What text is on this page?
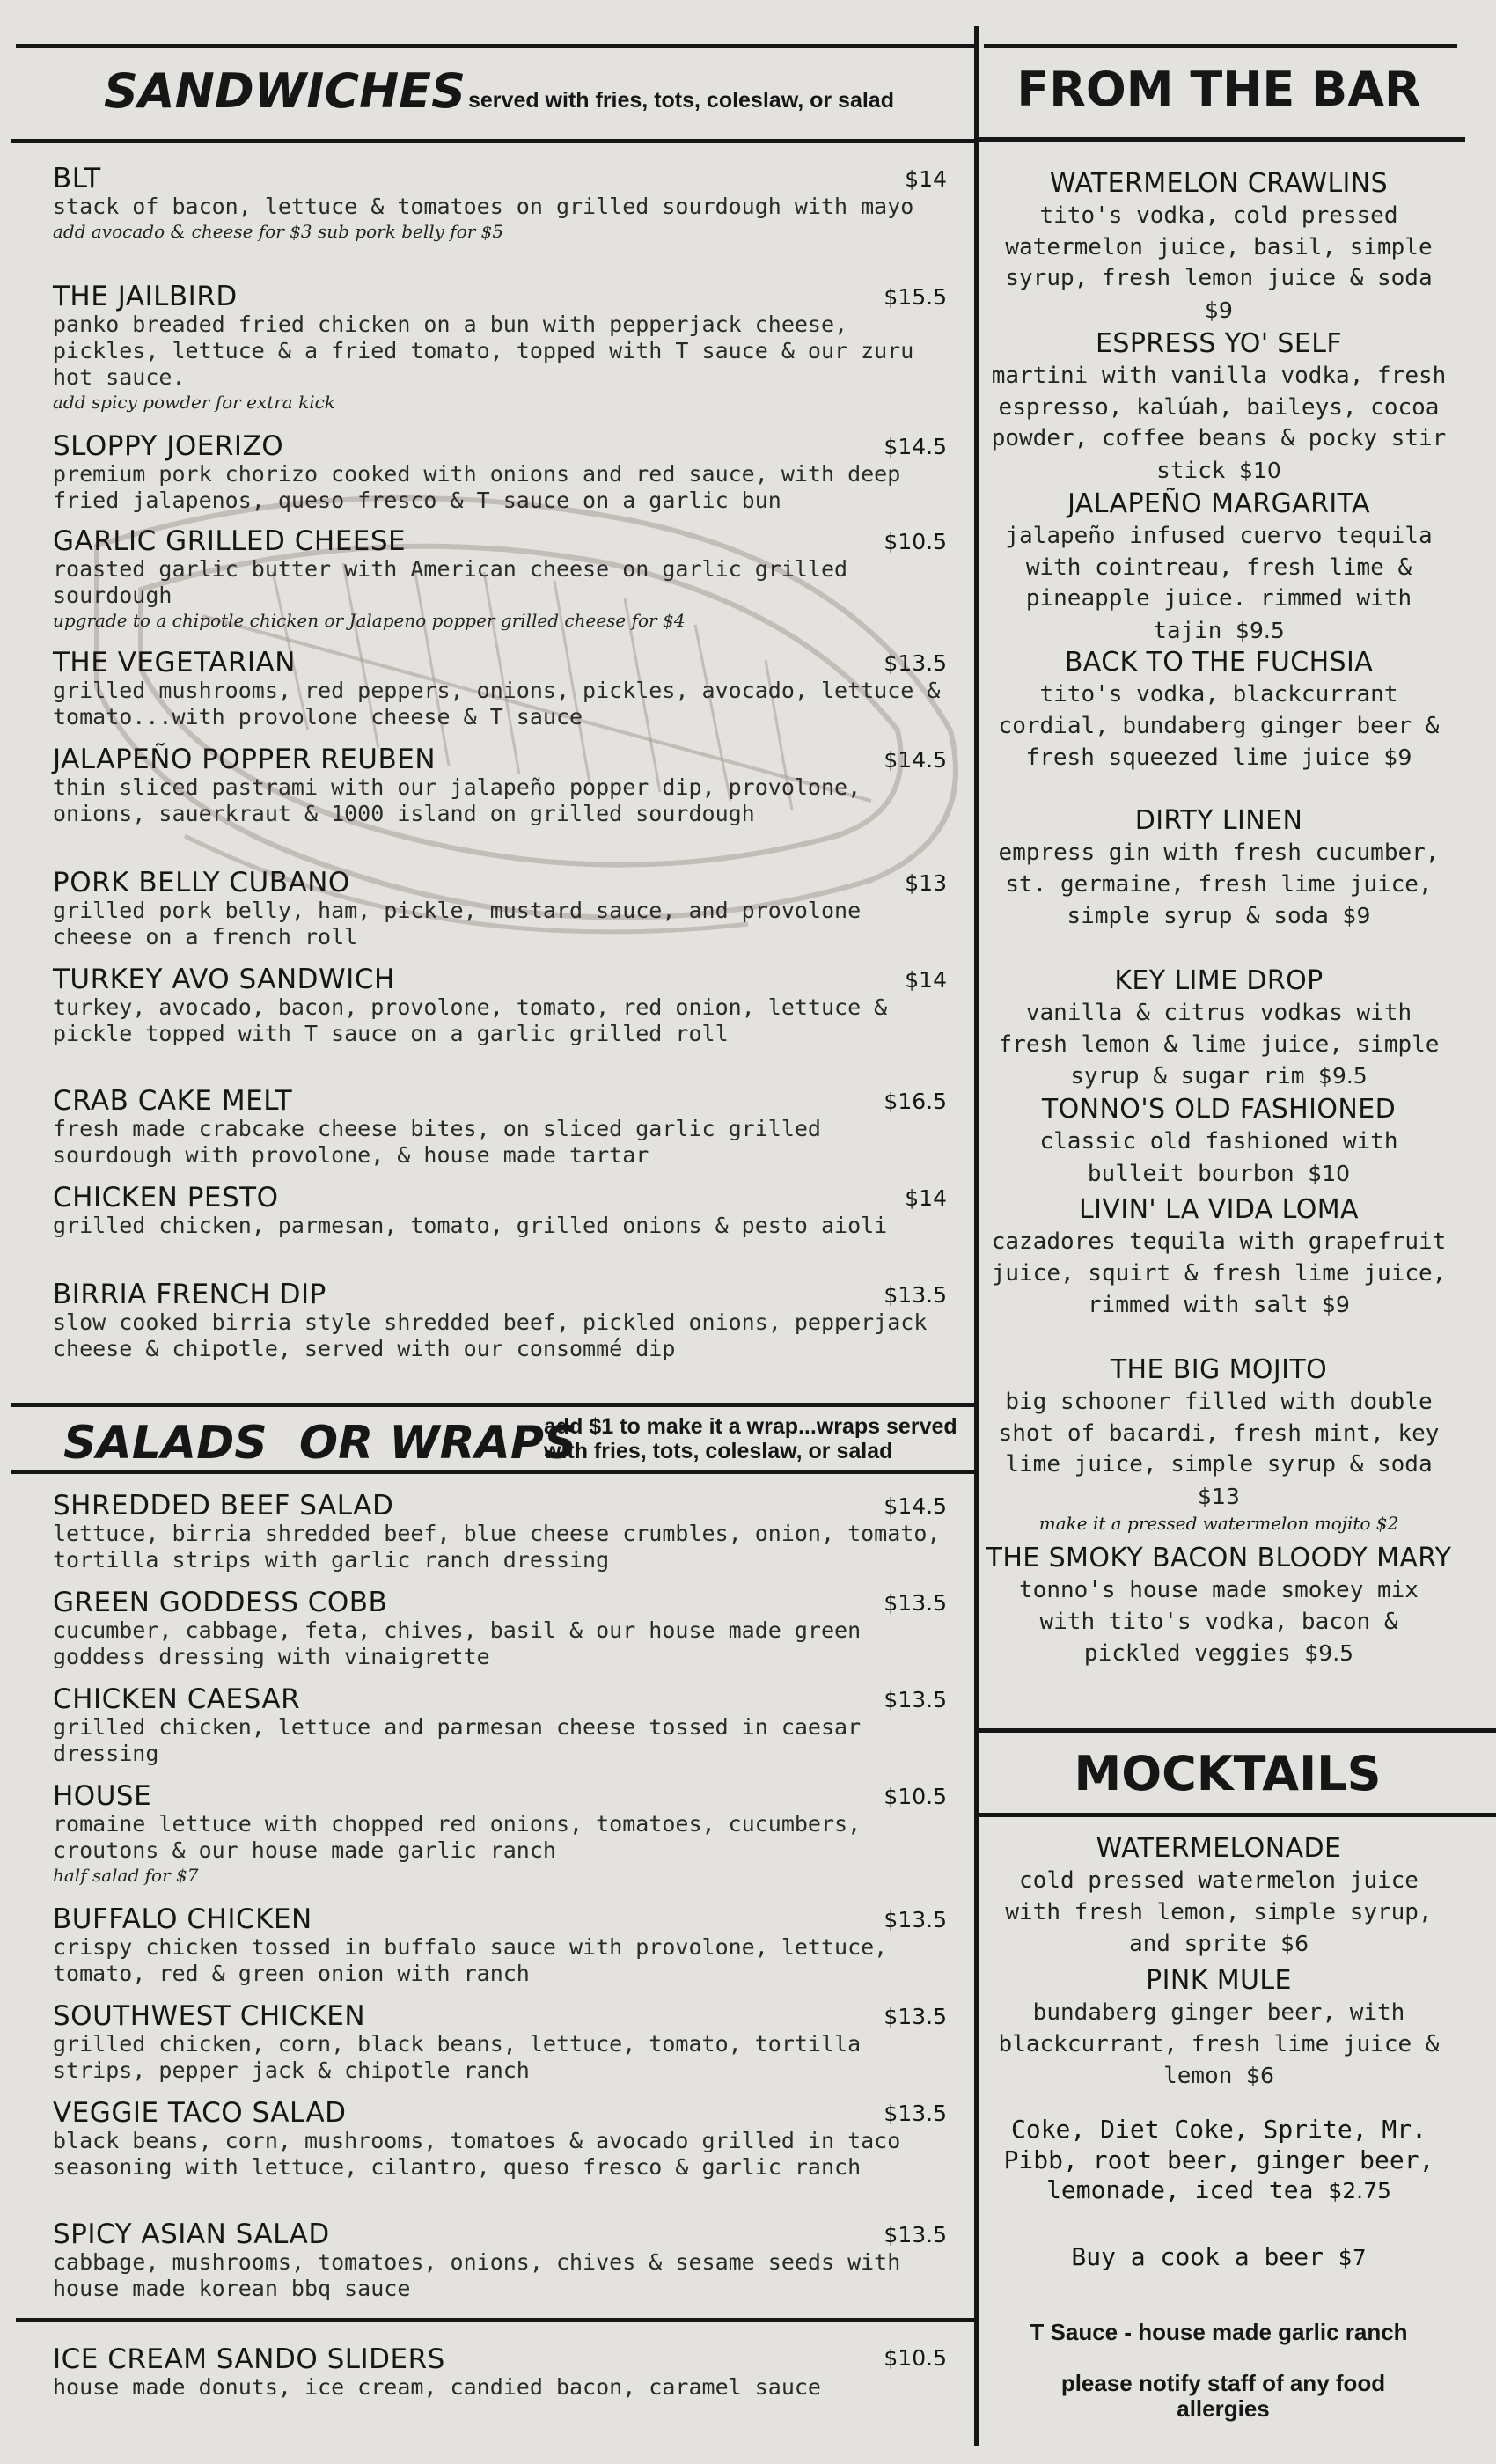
SANDWICHES served with fries, tots, coleslaw, or salad
$14
BLT
stack of bacon, lettuce & tomatoes on grilled sourdough with mayo
add avocado & cheese for $3 sub pork belly for $5
$15.5
THE JAILBIRD
panko breaded fried chicken on a bun with pepperjack cheese, pickles, lettuce & a fried tomato, topped with T sauce & our zuru hot sauce.
add spicy powder for extra kick
$14.5
SLOPPY JOERIZO
premium pork chorizo cooked with onions and red sauce, with deep fried jalapenos, queso fresco & T sauce on a garlic bun
$10.5
GARLIC GRILLED CHEESE
roasted garlic butter with American cheese on garlic grilled sourdough
upgrade to a chipotle chicken or Jalapeno popper grilled cheese for $4
$13.5
THE VEGETARIAN
grilled mushrooms, red peppers, onions, pickles, avocado, lettuce & tomato...with provolone cheese & T sauce
$14.5
JALAPEÑO POPPER REUBEN
thin sliced pastrami with our jalapeño popper dip, provolone, onions, sauerkraut & 1000 island on grilled sourdough
$13
PORK BELLY CUBANO
grilled pork belly, ham, pickle, mustard sauce, and provolone cheese on a french roll
$14
TURKEY AVO SANDWICH
turkey, avocado, bacon, provolone, tomato, red onion, lettuce & pickle topped with T sauce on a garlic grilled roll
$16.5
CRAB CAKE MELT
fresh made crabcake cheese bites, on sliced garlic grilled sourdough with provolone, & house made tartar
$14
CHICKEN PESTO
grilled chicken, parmesan, tomato, grilled onions & pesto aioli
$13.5
BIRRIA FRENCH DIP
slow cooked birria style shredded beef, pickled onions, pepperjack cheese & chipotle, served with our consommé dip
SALADS  OR WRAPS
add $1 to make it a wrap...wraps served with fries, tots, coleslaw, or salad
$14.5
SHREDDED BEEF SALAD
lettuce, birria shredded beef, blue cheese crumbles, onion, tomato, tortilla strips with garlic ranch dressing
$13.5
GREEN GODDESS COBB
cucumber, cabbage, feta, chives, basil & our house made green goddess dressing with vinaigrette
$13.5
CHICKEN CAESAR
grilled chicken, lettuce and parmesan cheese tossed in caesar dressing
$10.5
HOUSE
romaine lettuce with chopped red onions, tomatoes, cucumbers, croutons & our house made garlic ranch
half salad for $7
$13.5
BUFFALO CHICKEN
crispy chicken tossed in buffalo sauce with provolone, lettuce, tomato, red & green onion with ranch
$13.5
SOUTHWEST CHICKEN
grilled chicken, corn, black beans, lettuce, tomato, tortilla strips, pepper jack & chipotle ranch
$13.5
VEGGIE TACO SALAD
black beans, corn, mushrooms, tomatoes & avocado grilled in taco seasoning with lettuce, cilantro, queso fresco & garlic ranch
$13.5
SPICY ASIAN SALAD
cabbage, mushrooms, tomatoes, onions, chives & sesame seeds with house made korean bbq sauce
$10.5
ICE CREAM SANDO SLIDERS
house made donuts, ice cream, candied bacon, caramel sauce
FROM THE BAR
WATERMELON CRAWLINS
tito's vodka, cold pressed watermelon juice, basil, simple syrup, fresh lemon juice & soda $9
ESPRESS YO' SELF
martini with vanilla vodka, fresh espresso, kalúah, baileys, cocoa powder, coffee beans & pocky stir stick $10
JALAPEÑO MARGARITA
jalapeño infused cuervo tequila with cointreau, fresh lime & pineapple juice. rimmed with tajin $9.5
BACK TO THE FUCHSIA
tito's vodka, blackcurrant cordial, bundaberg ginger beer & fresh squeezed lime juice $9
DIRTY LINEN
empress gin with fresh cucumber, st. germaine, fresh lime juice, simple syrup & soda $9
KEY LIME DROP
vanilla & citrus vodkas with fresh lemon & lime juice, simple syrup & sugar rim $9.5
TONNO'S OLD FASHIONED
classic old fashioned with bulleit bourbon $10
LIVIN' LA VIDA LOMA
cazadores tequila with grapefruit juice, squirt & fresh lime juice, rimmed with salt $9
THE BIG MOJITO
big schooner filled with double shot of bacardi, fresh mint, key lime juice, simple syrup & soda $13
make it a pressed watermelon mojito $2
THE SMOKY BACON BLOODY MARY
tonno's house made smokey mix with tito's vodka, bacon & pickled veggies $9.5
MOCKTAILS
WATERMELONADE
cold pressed watermelon juice with fresh lemon, simple syrup, and sprite $6
PINK MULE
bundaberg ginger beer, with blackcurrant, fresh lime juice & lemon $6
Coke, Diet Coke, Sprite, Mr. Pibb, root beer, ginger beer, lemonade, iced tea $2.75
Buy a cook a beer $7
T Sauce - house made garlic ranch
please notify staff of any food allergies
